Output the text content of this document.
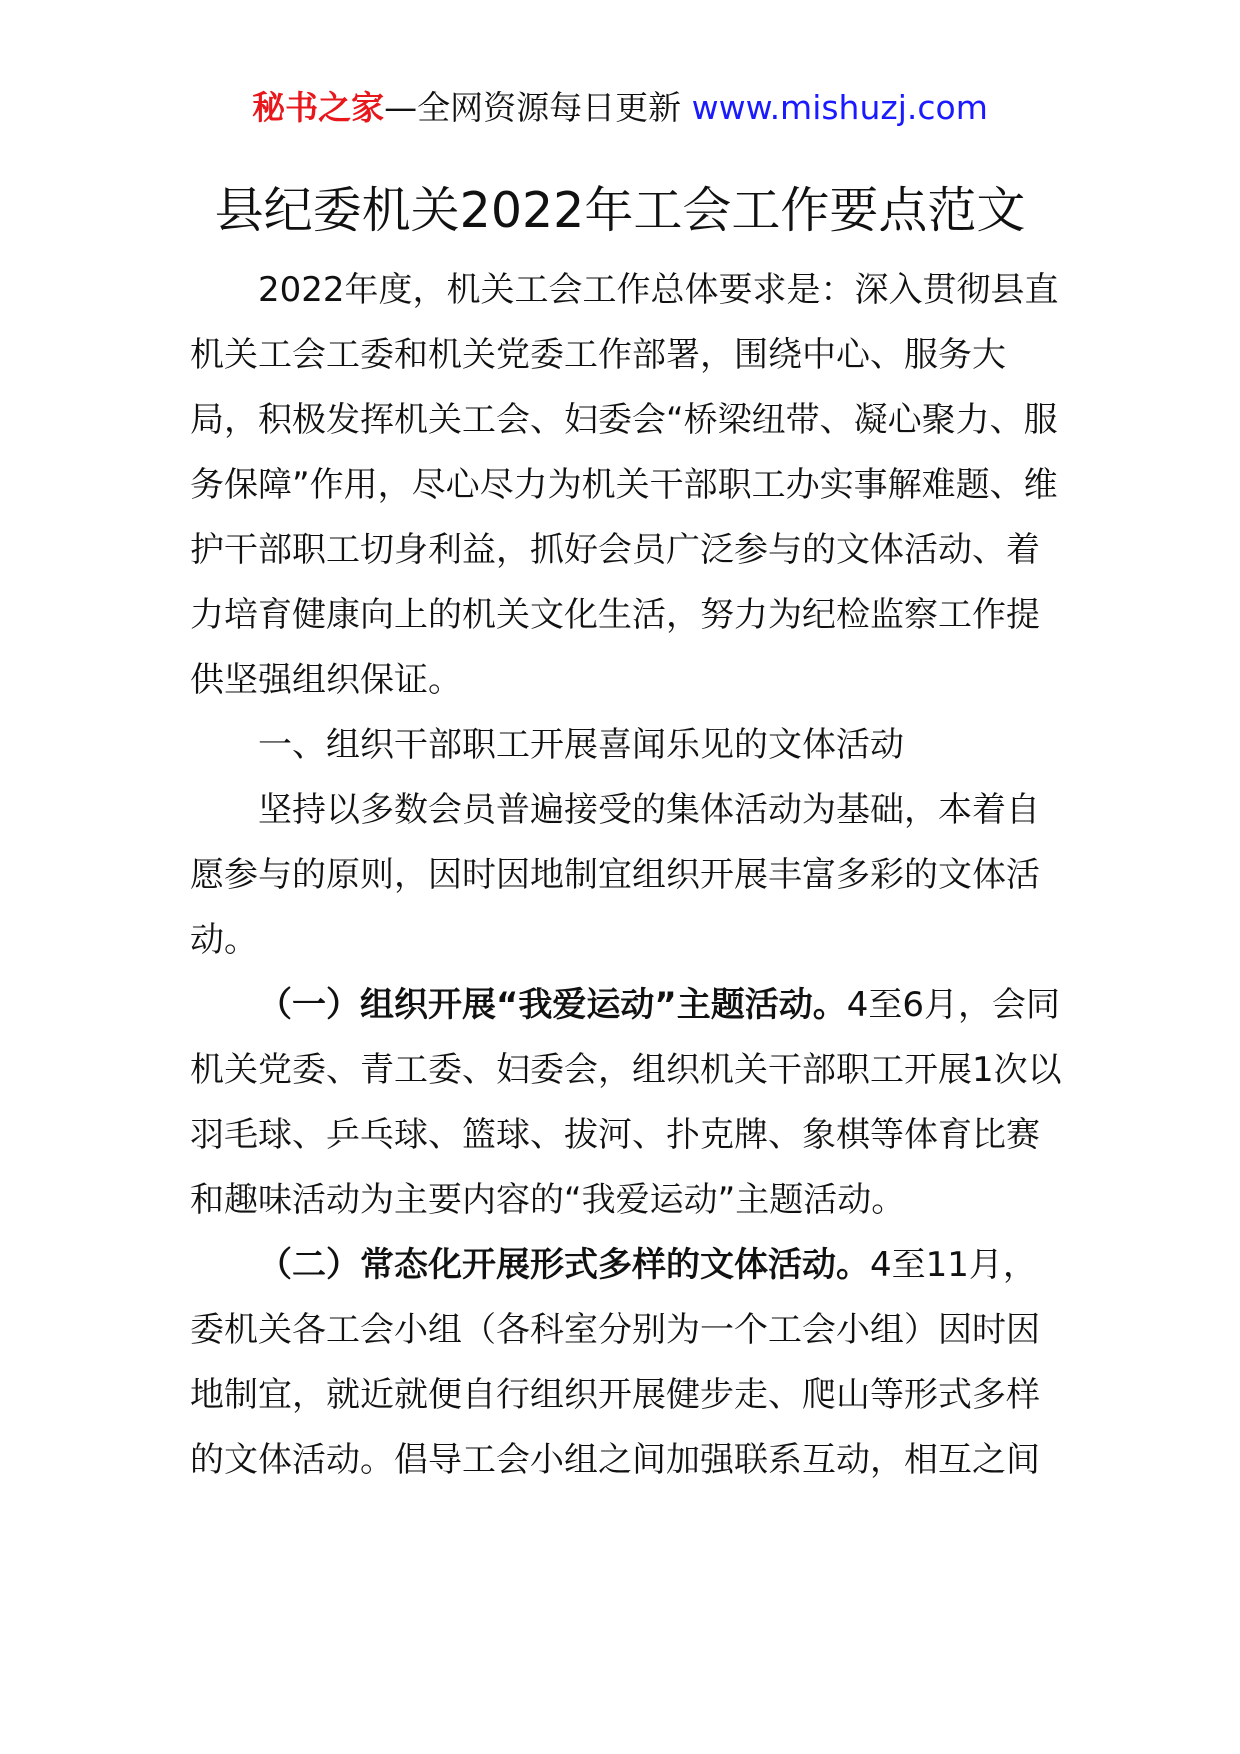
秘书之家—全网资源每日更新 www.mishuzj.com
县纪委机关2022年工会工作要点范文

2022年度，机关工会工作总体要求是：深入贯彻县直机关工会工委和机关党委工作部署，围绕中心、服务大局，积极发挥机关工会、妇委会“桥梁纽带、凝心聚力、服务保障”作用，尽心尽力为机关干部职工办实事解难题、维护干部职工切身利益，抓好会员广泛参与的文体活动、着力培育健康向上的机关文化生活，努力为纪检监察工作提供坚强组织保证。

一、组织干部职工开展喜闻乐见的文体活动

坚持以多数会员普遍接受的集体活动为基础，本着自愿参与的原则，因时因地制宜组织开展丰富多彩的文体活动。

（一）组织开展“我爱运动”主题活动。4至6月，会同机关党委、青工委、妇委会，组织机关干部职工开展1次以羽毛球、乒乓球、篮球、拔河、扑克牌、象棋等体育比赛和趣味活动为主要内容的“我爱运动”主题活动。

（二）常态化开展形式多样的文体活动。4至11月，委机关各工会小组（各科室分别为一个工会小组）因时因地制宜，就近就便自行组织开展健步走、爬山等形式多样的文体活动。倡导工会小组之间加强联系互动，相互之间
